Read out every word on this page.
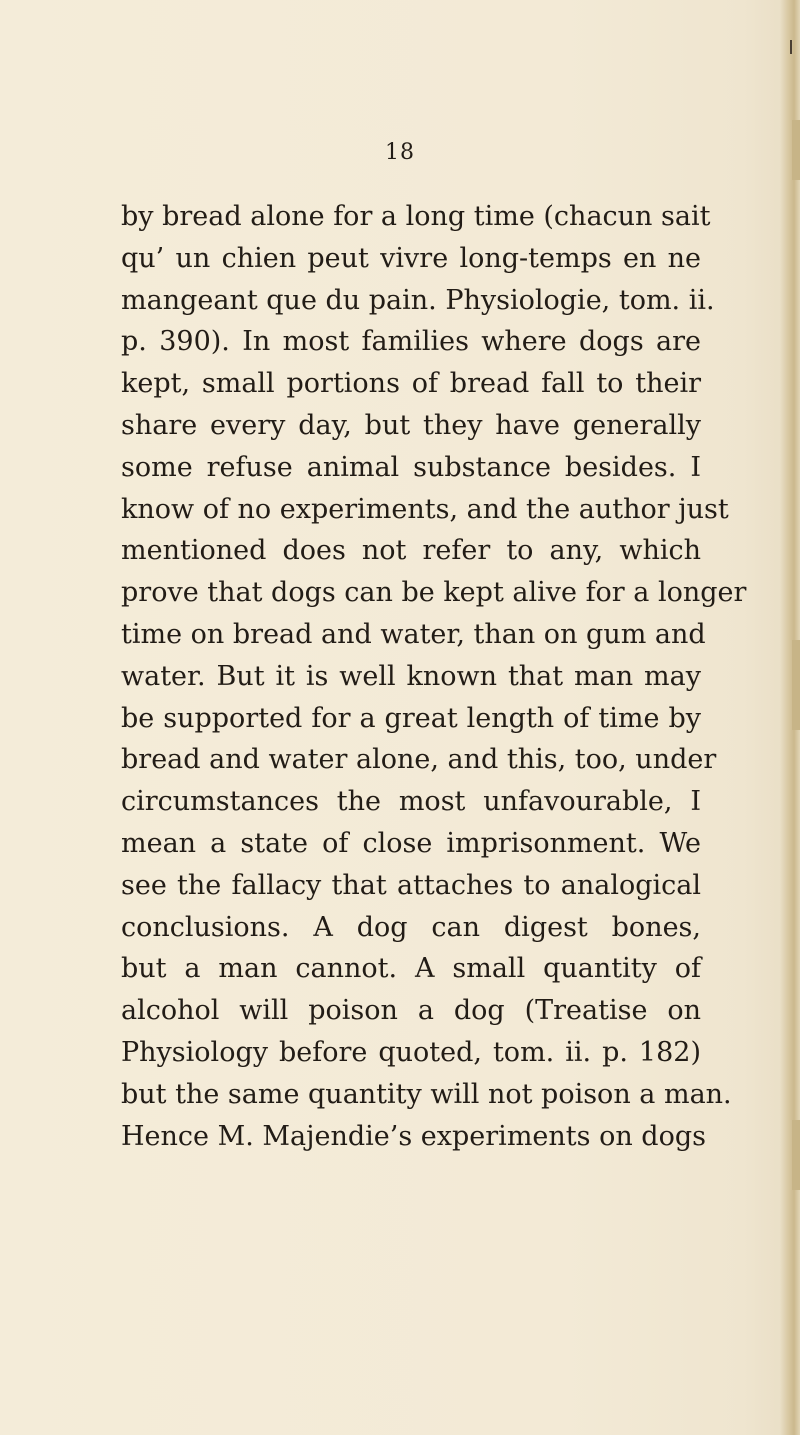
18
by bread alone for a long time (chacun sait
qu’ un chien peut vivre long-temps en ne
mangeant que du pain. Physiologie, tom. ii.
p. 390). In most families where dogs are
kept, small portions of bread fall to their
share every day, but they have generally
some refuse animal substance besides. I
know of no experiments, and the author just
mentioned does not refer to any, which
prove that dogs can be kept alive for a longer
time on bread and water, than on gum and
water. But it is well known that man may
be supported for a great length of time by
bread and water alone, and this, too, under
circumstances the most unfavourable, I
mean a state of close imprisonment. We
see the fallacy that attaches to analogical
conclusions. A dog can digest bones,
but a man cannot. A small quantity of
alcohol will poison a dog (Treatise on
Physiology before quoted, tom. ii. p. 182)
but the same quantity will not poison a man.
Hence M. Majendie’s experiments on dogs
